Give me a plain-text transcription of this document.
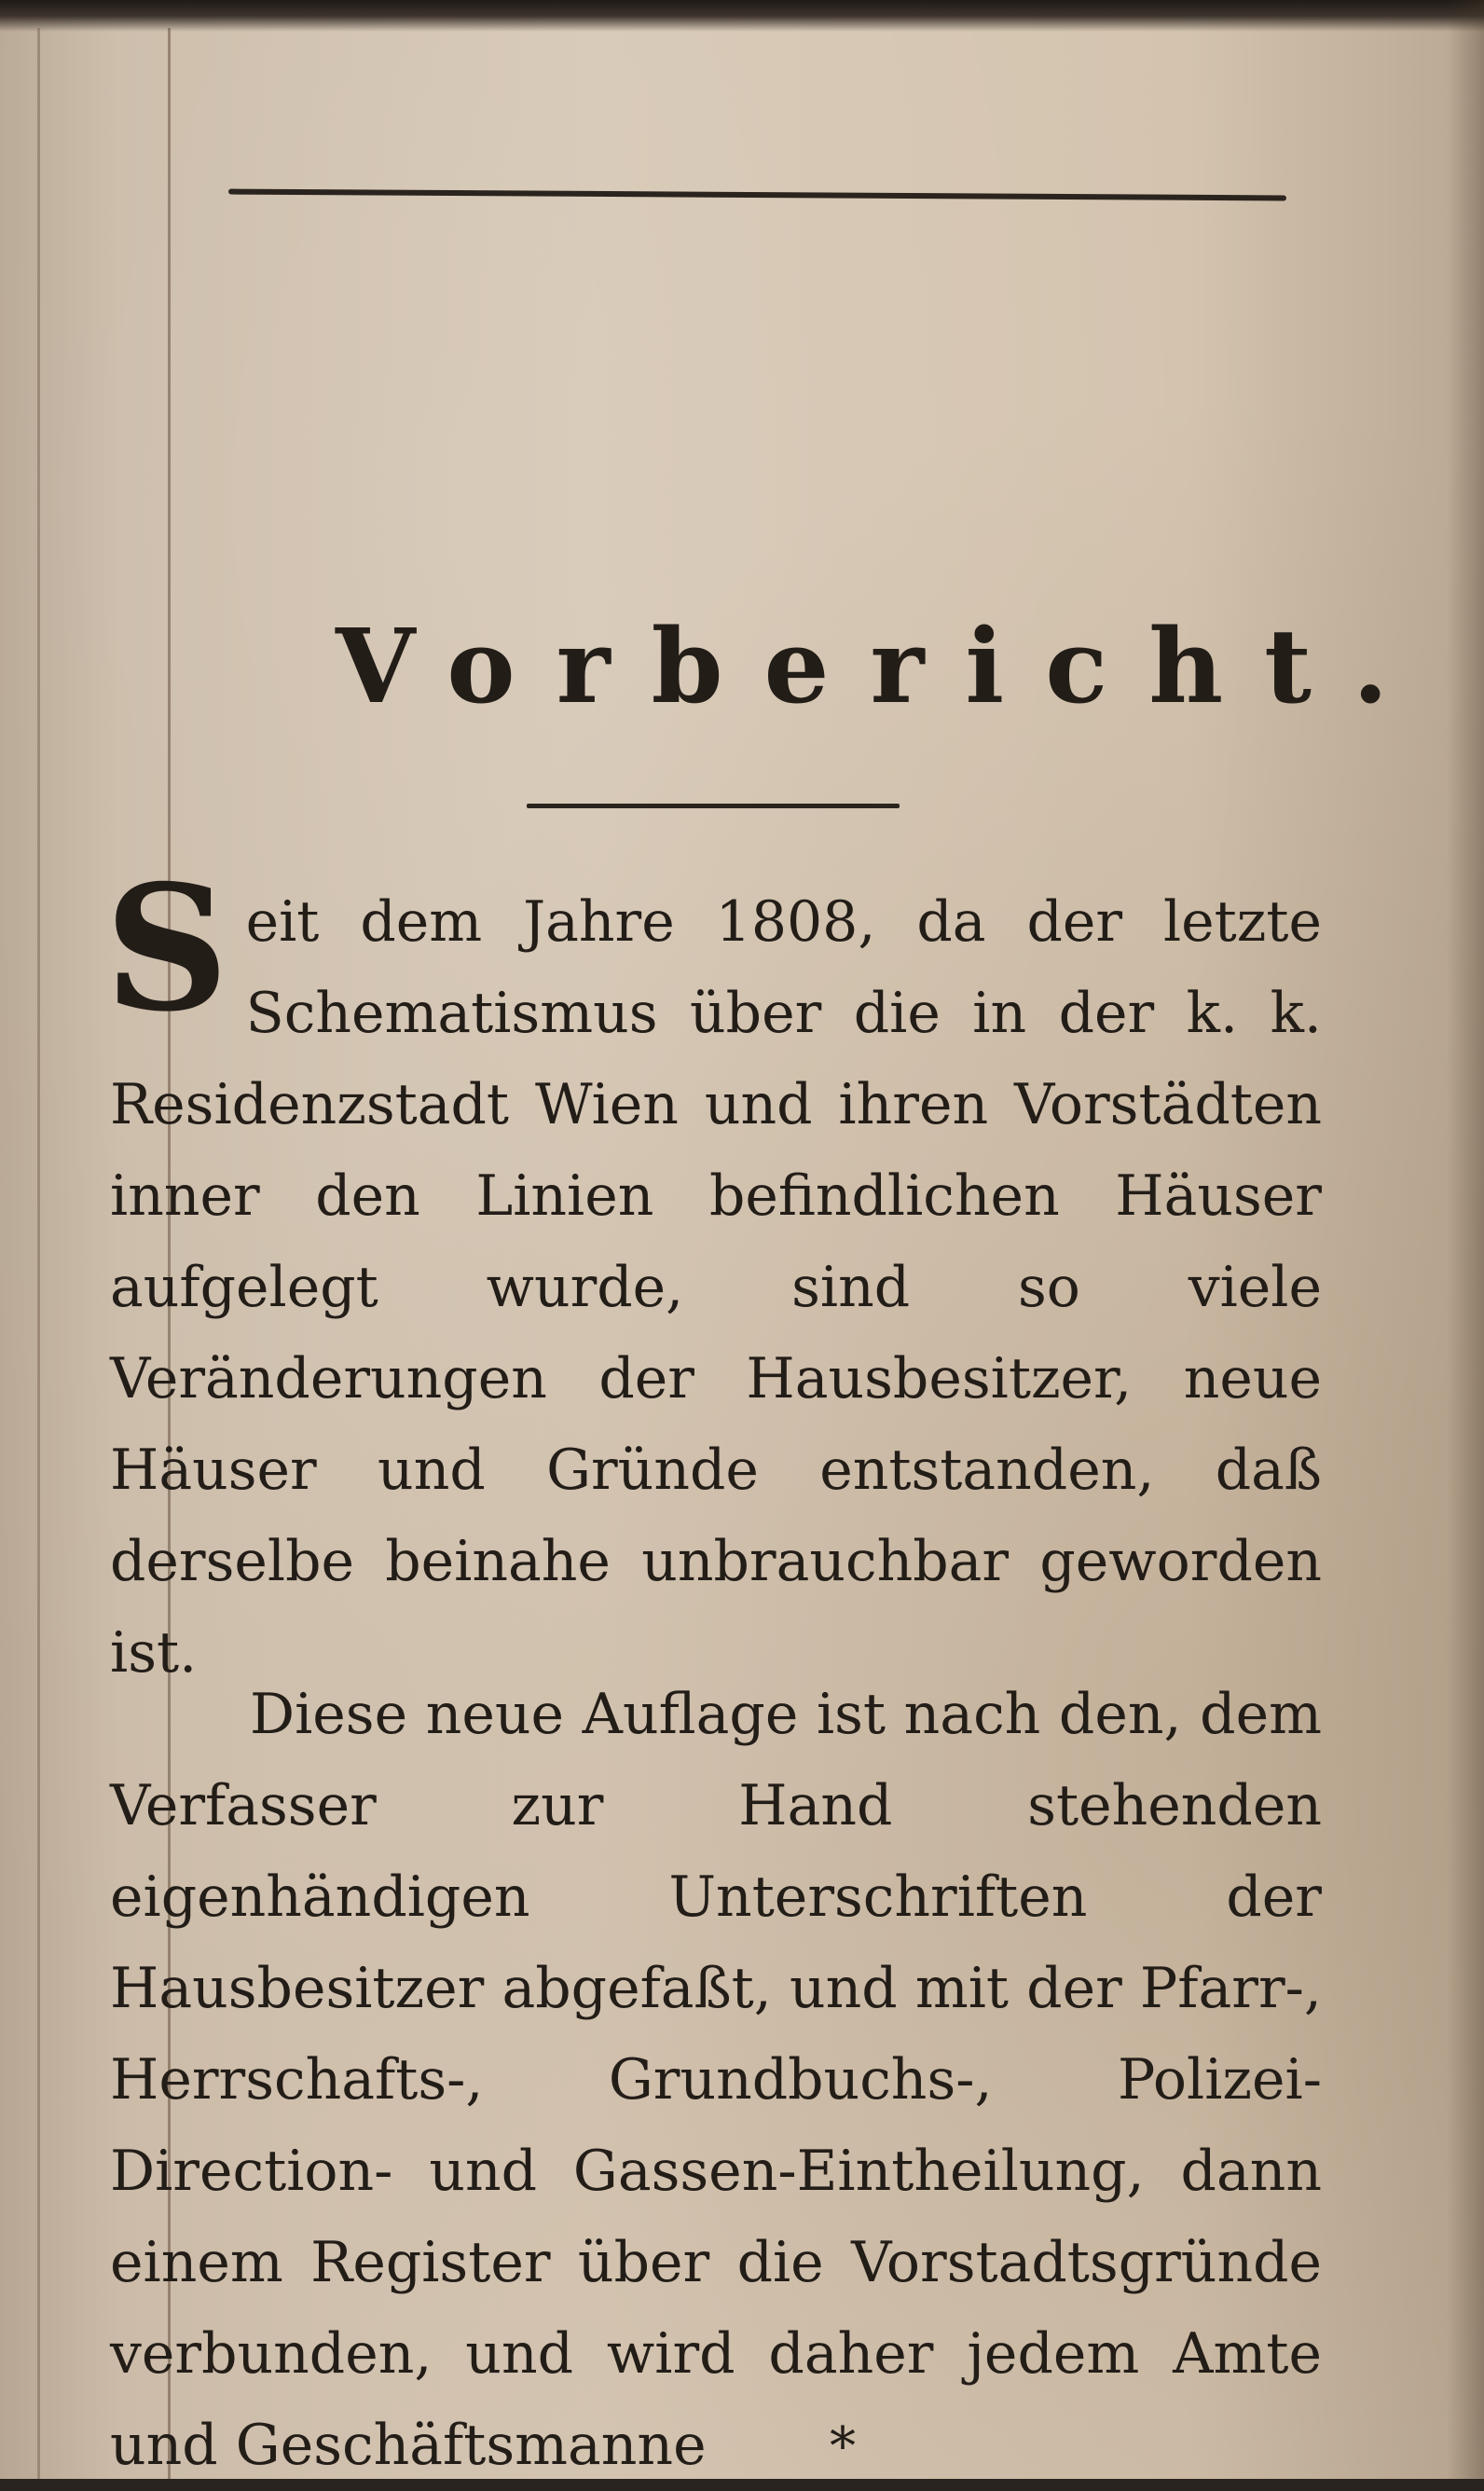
Vorbericht.

Seit dem Jahre 1808, da der letzte Schematismus über die in der k. k. Residenzstadt Wien und ihren Vorstädten inner den Linien befindlichen Häuser aufgelegt wurde, sind so viele Veränderungen der Hausbesitzer, neue Häuser und Gründe entstanden, daß derselbe beinahe unbrauchbar geworden ist.

Diese neue Auflage ist nach den, dem Verfasser zur Hand stehenden eigenhändigen Unterschriften der Hausbesitzer abgefaßt, und mit der Pfarr-, Herrschafts-, Grundbuchs-, Polizei-Direction- und Gassen-Eintheilung, dann einem Register über die Vorstadtsgründe verbunden, und wird daher jedem Amte und Geschäftsmanne	*
